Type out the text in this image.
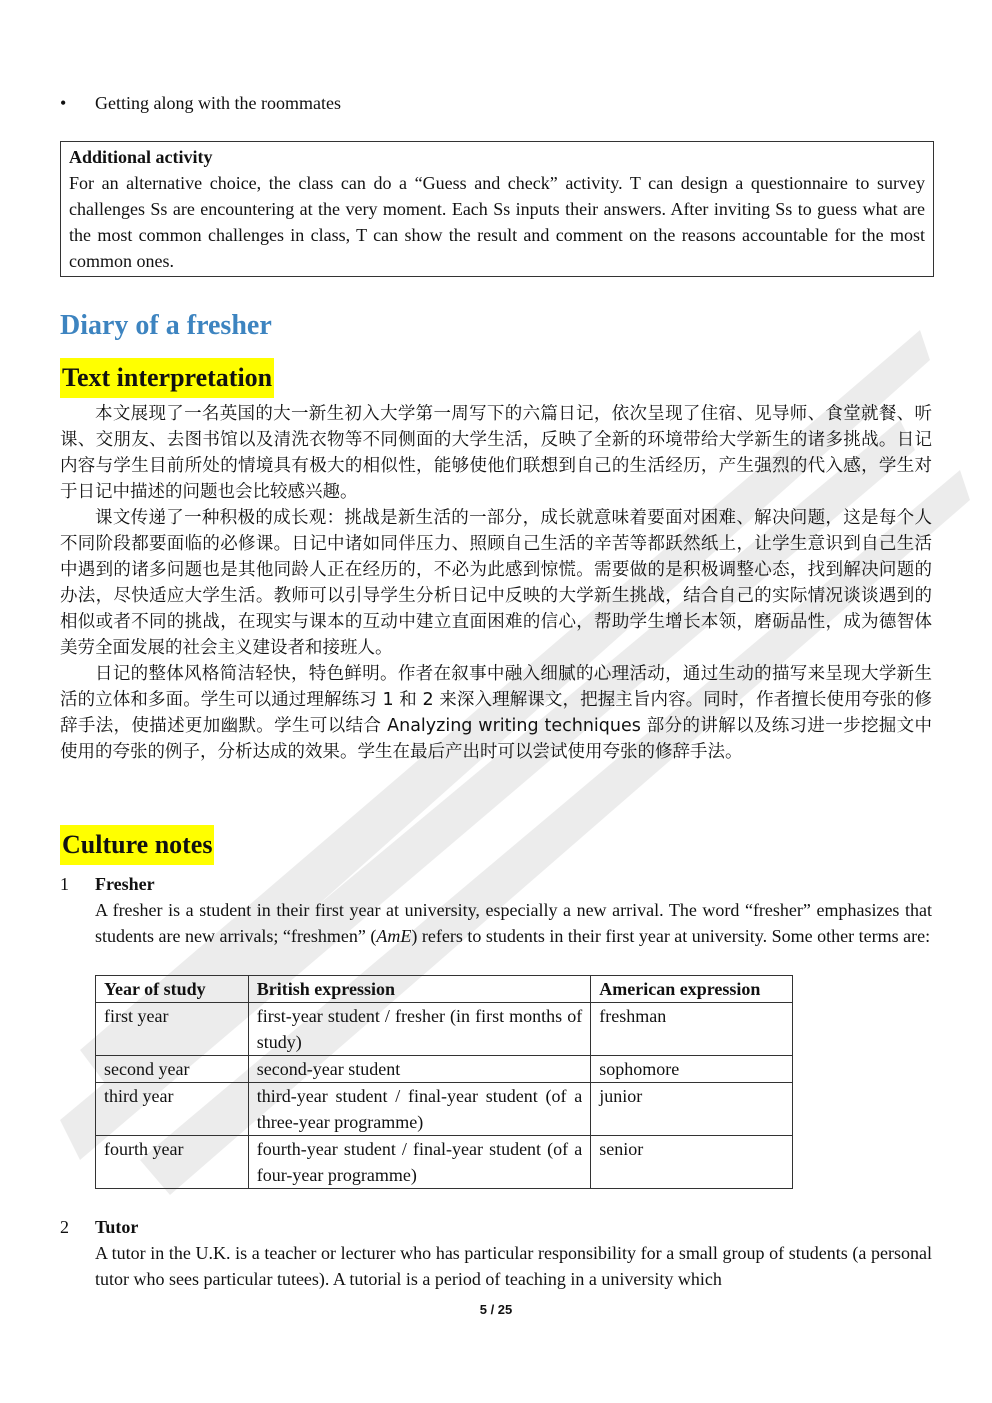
• Getting along with the roommates
Additional activity
For an alternative choice, the class can do a “Guess and check” activity. T can design a questionnaire to survey challenges Ss are encountering at the very moment. Each Ss inputs their answers. After inviting Ss to guess what are the most common challenges in class, T can show the result and comment on the reasons accountable for the most common ones.
Diary of a fresher
Text interpretation

本文展现了一名英国的大一新生初入大学第一周写下的六篇日记，依次呈现了住宿、见导师、食堂就餐、听课、交朋友、去图书馆以及清洗衣物等不同侧面的大学生活，反映了全新的环境带给大学新生的诸多挑战。日记内容与学生目前所处的情境具有极大的相似性，能够使他们联想到自己的生活经历，产生强烈的代入感，学生对于日记中描述的问题也会比较感兴趣。

课文传递了一种积极的成长观：挑战是新生活的一部分，成长就意味着要面对困难、解决问题，这是每个人不同阶段都要面临的必修课。日记中诸如同伴压力、照顾自己生活的辛苦等都跃然纸上，让学生意识到自己生活中遇到的诸多问题也是其他同龄人正在经历的，不必为此感到惊慌。需要做的是积极调整心态，找到解决问题的办法，尽快适应大学生活。教师可以引导学生分析日记中反映的大学新生挑战，结合自己的实际情况谈谈遇到的相似或者不同的挑战，在现实与课本的互动中建立直面困难的信心，帮助学生增长本领，磨砺品性，成为德智体美劳全面发展的社会主义建设者和接班人。

日记的整体风格简洁轻快，特色鲜明。作者在叙事中融入细腻的心理活动，通过生动的描写来呈现大学新生活的立体和多面。学生可以通过理解练习 1 和 2 来深入理解课文，把握主旨内容。同时，作者擅长使用夸张的修辞手法，使描述更加幽默。学生可以结合 Analyzing writing techniques 部分的讲解以及练习进一步挖掘文中使用的夸张的例子，分析达成的效果。学生在最后产出时可以尝试使用夸张的修辞手法。

Culture notes
1 Fresher
A fresher is a student in their first year at university, especially a new arrival. The word “fresher” emphasizes that students are new arrivals; “freshmen” (AmE) refers to students in their first year at university. Some other terms are:
Year of study	British expression	American expression
first year	first-year student / fresher (in first months of study)	freshman
second year	second-year student	sophomore
third year	third-year student / final-year student (of a three-year programme)	junior
fourth year	fourth-year student / final-year student (of a four-year programme)	senior
2 Tutor
A tutor in the U.K. is a teacher or lecturer who has particular responsibility for a small group of students (a personal tutor who sees particular tutees). A tutorial is a period of teaching in a university which
5 / 25
